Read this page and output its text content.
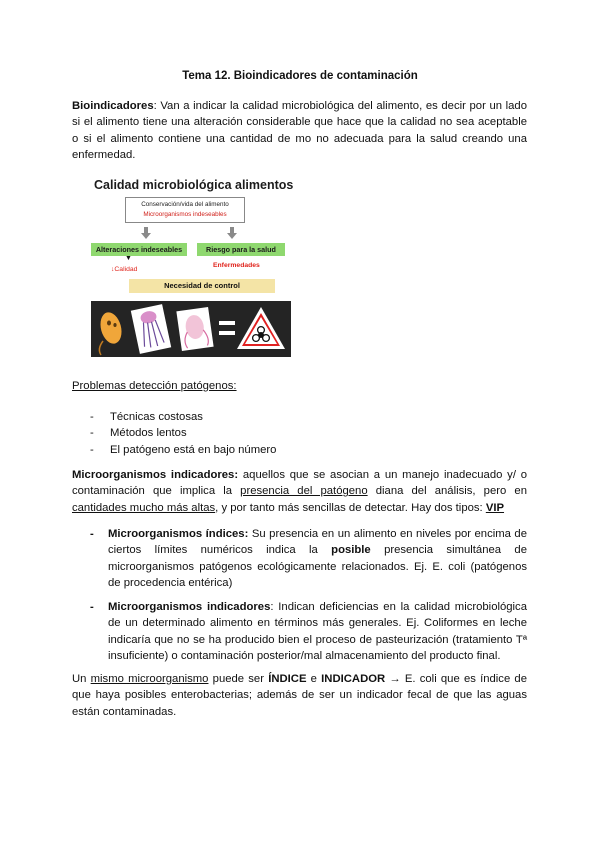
Tema 12. Bioindicadores de contaminación
Bioindicadores: Van a indicar la calidad microbiológica del alimento, es decir por un lado si el alimento tiene una alteración considerable que hace que la calidad no sea aceptable o si el alimento contiene una cantidad de mo no adecuada para la salud creando una enfermedad.
Calidad microbiológica alimentos
Conservación/vida del alimento
Microorganismos indeseables
Alteraciones indeseables	Riesgo para la salud
▼
↓Calidad
Enfermedades
Necesidad de control
Problemas detección patógenos:
- Técnicas costosas
- Métodos lentos
- El patógeno está en bajo número
Microorganismos indicadores: aquellos que se asocian a un manejo inadecuado y/ o contaminación que implica la presencia del patógeno diana del análisis, pero en cantidades mucho más altas, y por tanto más sencillas de detectar. Hay dos tipos: VIP
- Microorganismos índices: Su presencia en un alimento en niveles por encima de ciertos límites numéricos indica la posible presencia simultánea de microorganismos patógenos ecológicamente relacionados. Ej. E. coli (patógenos de procedencia entérica)
- Microorganismos indicadores: Indican deficiencias en la calidad microbiológica de un determinado alimento en términos más generales. Ej. Coliformes en leche indicaría que no se ha producido bien el proceso de pasteurización (tratamiento Tª insuficiente) o contaminación posterior/mal almacenamiento del producto final.
Un mismo microorganismo puede ser ÍNDICE e INDICADOR → E. coli que es índice de que haya posibles enterobacterias; además de ser un indicador fecal de que las aguas están contaminadas.
